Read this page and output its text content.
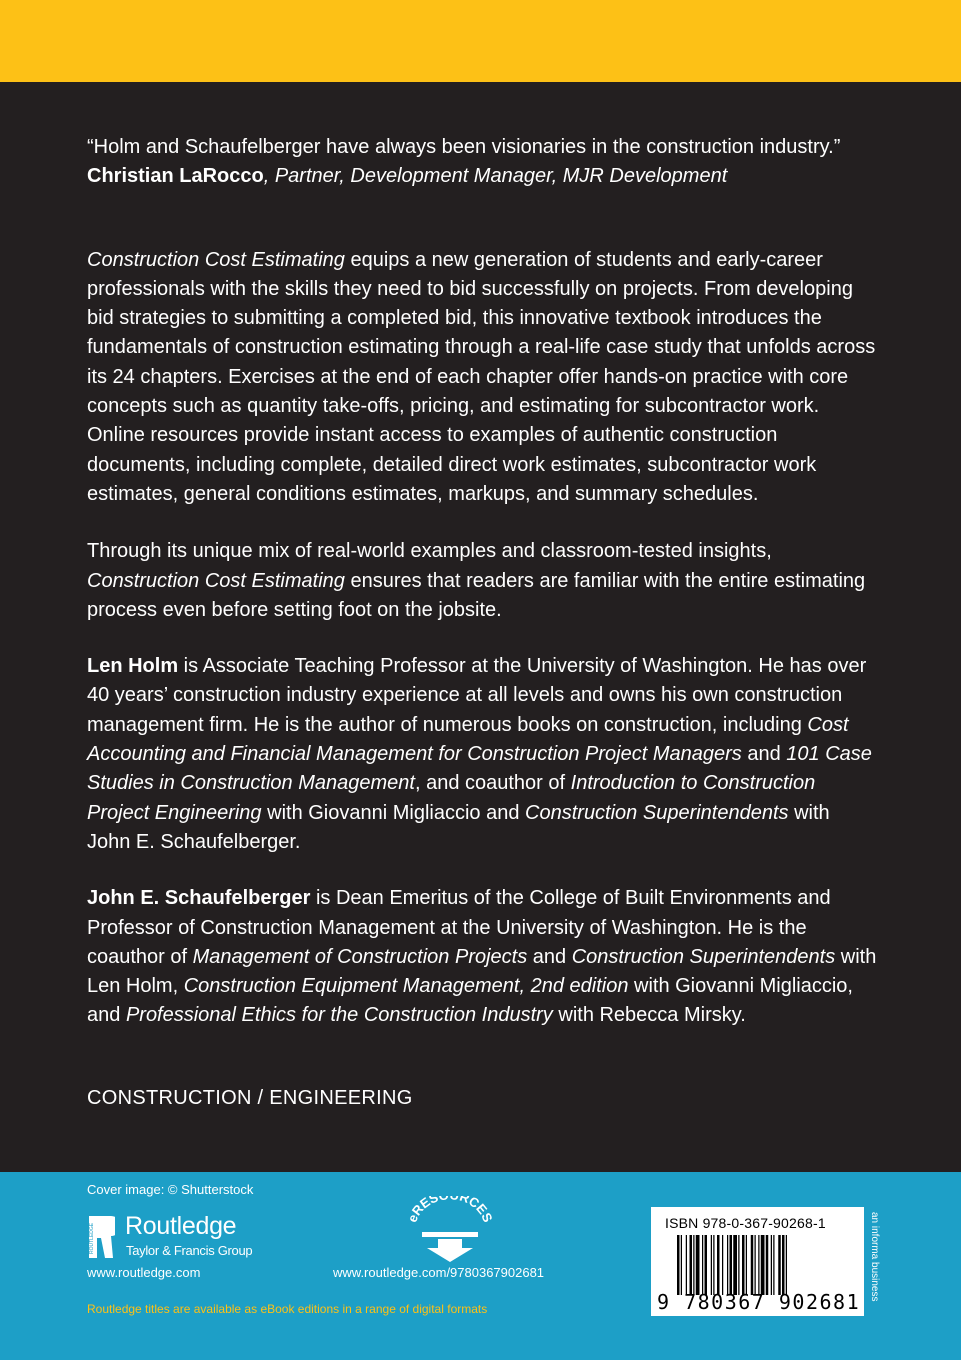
“Holm and Schaufelberger have always been visionaries in the construction industry.”

Christian LaRocco, Partner, Development Manager, MJR Development

Construction Cost Estimating equips a new generation of students and early-career professionals with the skills they need to bid successfully on projects. From developing bid strategies to submitting a completed bid, this innovative textbook introduces the fundamentals of construction estimating through a real-life case study that unfolds across its 24 chapters. Exercises at the end of each chapter offer hands-on practice with core concepts such as quantity take-offs, pricing, and estimating for subcontractor work. Online resources provide instant access to examples of authentic construction documents, including complete, detailed direct work estimates, subcontractor work estimates, general conditions estimates, markups, and summary schedules.

Through its unique mix of real-world examples and classroom-tested insights, Construction Cost Estimating ensures that readers are familiar with the entire estimating process even before setting foot on the jobsite.

Len Holm is Associate Teaching Professor at the University of Washington. He has over 40 years’ construction industry experience at all levels and owns his own construction management firm. He is the author of numerous books on construction, including Cost Accounting and Financial Management for Construction Project Managers and 101 Case Studies in Construction Management, and coauthor of Introduction to Construction Project Engineering with Giovanni Migliaccio and Construction Superintendents with John E. Schaufelberger.

John E. Schaufelberger is Dean Emeritus of the College of Built Environments and Professor of Construction Management at the University of Washington. He is the coauthor of Management of Construction Projects and Construction Superintendents with Len Holm, Construction Equipment Management, 2nd edition with Giovanni Migliaccio, and Professional Ethics for the Construction Industry with Rebecca Mirsky.

CONSTRUCTION / ENGINEERING
Cover image: © Shutterstock
ROUTLEDGE Routledge
Taylor & Francis Group
www.routledge.com
eRES RCES
www.routledge.com/9780367902681
Routledge titles are available as eBook editions in a range of digital formats
ISBN 978-0-367-90268-1
9 780367 902681
an informa business
